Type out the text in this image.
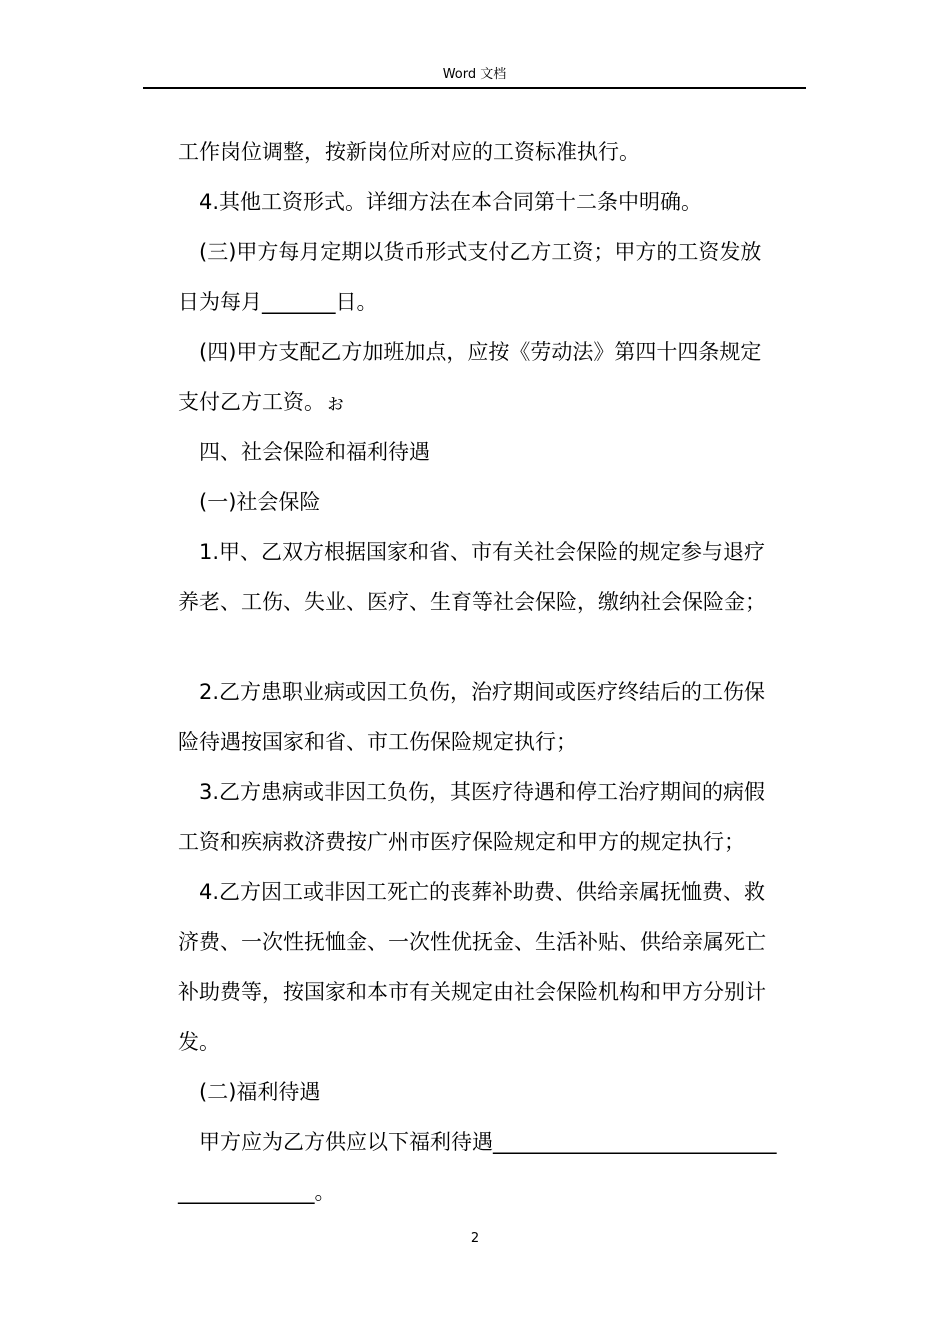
Word 文档
工作岗位调整，按新岗位所对应的工资标准执行。
4.其他工资形式。详细方法在本合同第十二条中明确。
(三)甲方每月定期以货币形式支付乙方工资；甲方的工资发放
日为每月_______日。
(四)甲方支配乙方加班加点，应按《劳动法》第四十四条规定
支付乙方工资。ぉ
四、社会保险和福利待遇
(一)社会保险
1.甲、乙双方根据国家和省、市有关社会保险的规定参与退疗
养老、工伤、失业、医疗、生育等社会保险，缴纳社会保险金；
2.乙方患职业病或因工负伤，治疗期间或医疗终结后的工伤保
险待遇按国家和省、市工伤保险规定执行；
3.乙方患病或非因工负伤，其医疗待遇和停工治疗期间的病假
工资和疾病救济费按广州市医疗保险规定和甲方的规定执行；
4.乙方因工或非因工死亡的丧葬补助费、供给亲属抚恤费、救
济费、一次性抚恤金、一次性优抚金、生活补贴、供给亲属死亡
补助费等，按国家和本市有关规定由社会保险机构和甲方分别计
发。
(二)福利待遇
甲方应为乙方供应以下福利待遇___________________________
_____________。
2
